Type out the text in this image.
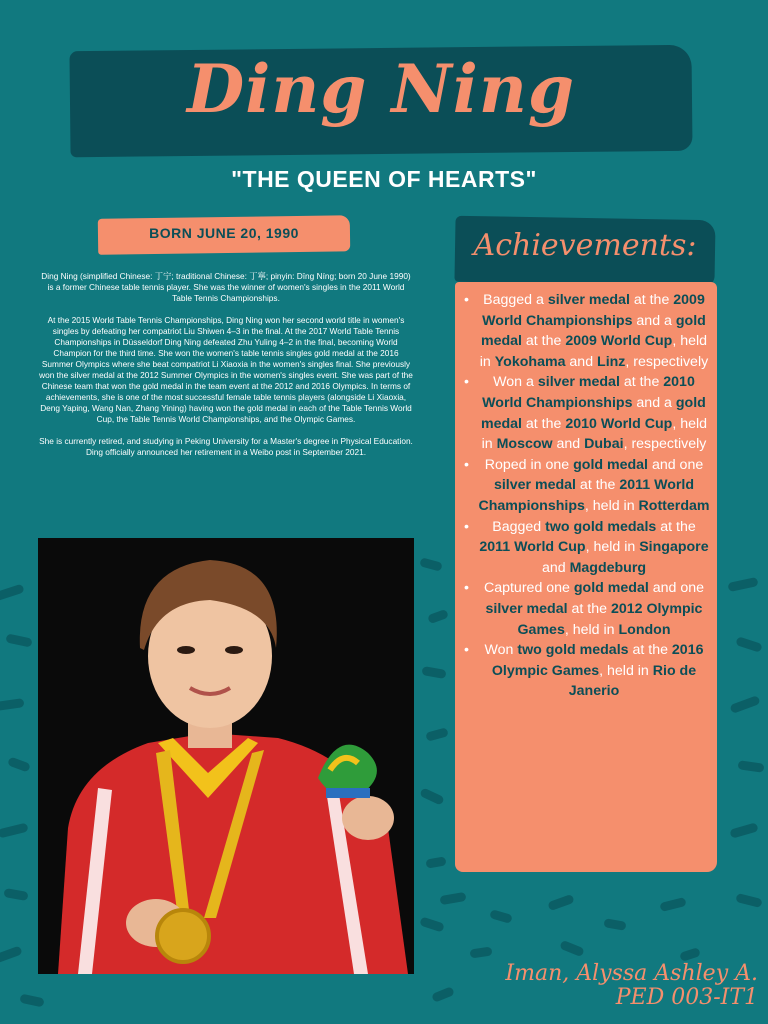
Ding Ning
"THE QUEEN OF HEARTS"
BORN JUNE 20, 1990

Ding Ning (simplified Chinese: 丁宁; traditional Chinese: 丁寧; pinyin: Dīng Níng; born 20 June 1990) is a former Chinese table tennis player. She was the winner of women's singles in the 2011 World Table Tennis Championships.

At the 2015 World Table Tennis Championships, Ding Ning won her second world title in women's singles by defeating her compatriot Liu Shiwen 4–3 in the final. At the 2017 World Table Tennis Championships in Düsseldorf Ding Ning defeated Zhu Yuling 4–2 in the final, becoming World Champion for the third time. She won the women's table tennis singles gold medal at the 2016 Summer Olympics where she beat compatriot Li Xiaoxia in the women's singles final. She previously won the silver medal at the 2012 Summer Olympics in the women's singles event. She was part of the Chinese team that won the gold medal in the team event at the 2012 and 2016 Olympics. In terms of achievements, she is one of the most successful female table tennis players (alongside Li Xiaoxia, Deng Yaping, Wang Nan, Zhang Yining) having won the gold medal in each of the Table Tennis World Cup, the Table Tennis World Championships, and the Olympic Games.

She is currently retired, and studying in Peking University for a Master's degree in Physical Education. Ding officially announced her retirement in a Weibo post in September 2021.

Achievements:
• Bagged a silver medal at the 2009 World Championships and a gold medal at the 2009 World Cup, held in Yokohama and Linz, respectively
• Won a silver medal at the 2010 World Championships and a gold medal at the 2010 World Cup, held in Moscow and Dubai, respectively
• Roped in one gold medal and one silver medal at the 2011 World Championships, held in Rotterdam
• Bagged two gold medals at the 2011 World Cup, held in Singapore and Magdeburg
• Captured one gold medal and one silver medal at the 2012 Olympic Games, held in London
• Won two gold medals at the 2016 Olympic Games, held in Rio de Janerio
Iman, Alyssa Ashley A.
PED 003-IT1
